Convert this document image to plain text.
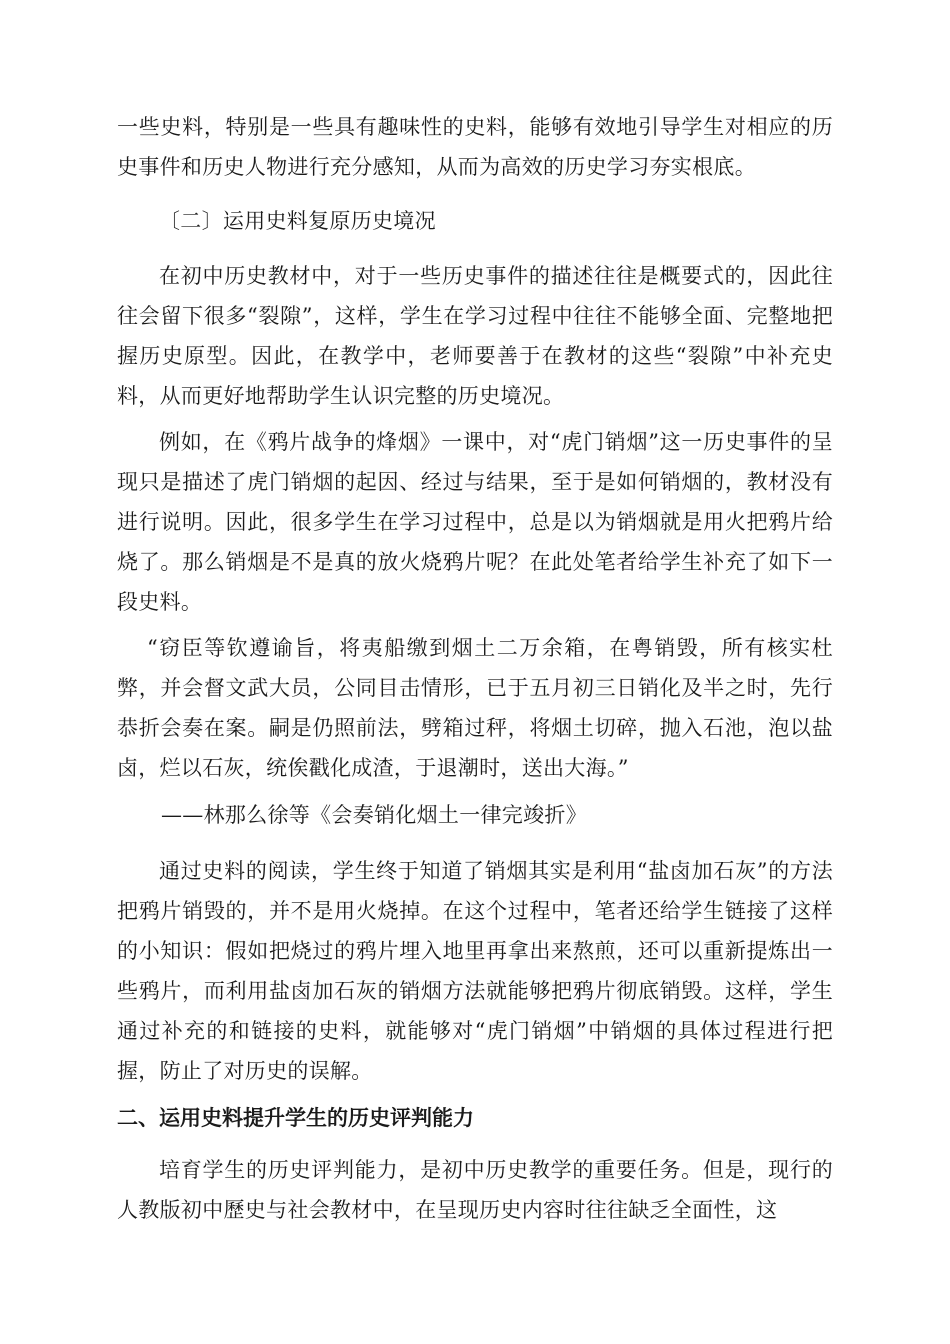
一些史料，特别是一些具有趣味性的史料，能够有效地引导学生对相应的历史事件和历史人物进行充分感知，从而为高效的历史学习夯实根底。

〔二〕运用史料复原历史境况

在初中历史教材中，对于一些历史事件的描述往往是概要式的，因此往往会留下很多“裂隙”，这样，学生在学习过程中往往不能够全面、完整地把握历史原型。因此，在教学中，老师要善于在教材的这些“裂隙”中补充史料，从而更好地帮助学生认识完整的历史境况。

例如，在《鸦片战争的烽烟》一课中，对“虎门销烟”这一历史事件的呈现只是描述了虎门销烟的起因、经过与结果，至于是如何销烟的，教材没有进行说明。因此，很多学生在学习过程中，总是以为销烟就是用火把鸦片给烧了。那么销烟是不是真的放火烧鸦片呢？在此处笔者给学生补充了如下一段史料。

“窃臣等钦遵谕旨，将夷船缴到烟土二万余箱，在粤销毁，所有核实杜弊，并会督文武大员，公同目击情形，已于五月初三日销化及半之时，先行恭折会奏在案。嗣是仍照前法，劈箱过秤，将烟土切碎，抛入石池，泡以盐卤，烂以石灰，统俟戳化成渣，于退潮时，送出大海。”

——林那么徐等《会奏销化烟土一律完竣折》

通过史料的阅读，学生终于知道了销烟其实是利用“盐卤加石灰”的方法把鸦片销毁的，并不是用火烧掉。在这个过程中，笔者还给学生链接了这样的小知识：假如把烧过的鸦片埋入地里再拿出来熬煎，还可以重新提炼出一些鸦片，而利用盐卤加石灰的销烟方法就能够把鸦片彻底销毁。这样，学生通过补充的和链接的史料，就能够对“虎门销烟”中销烟的具体过程进行把握，防止了对历史的误解。

二、运用史料提升学生的历史评判能力

培育学生的历史评判能力，是初中历史教学的重要任务。但是，现行的人教版初中歷史与社会教材中，在呈现历史内容时往往缺乏全面性，这
